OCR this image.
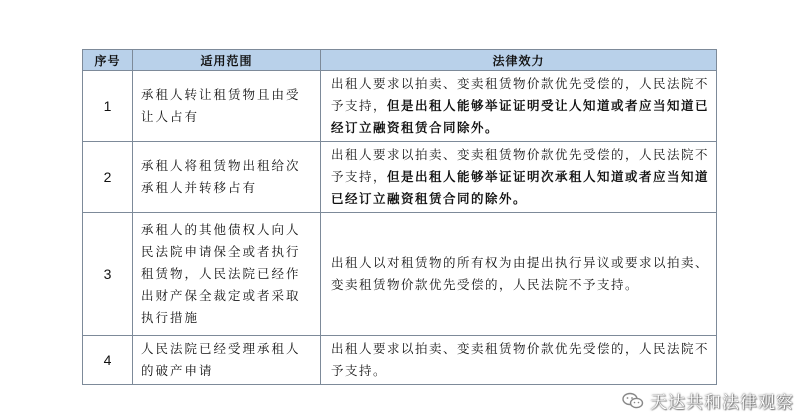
序号	适用范围	法律效力
1	承租人转让租赁物且由受让人占有	出租人要求以拍卖、变卖租赁物价款优先受偿的，人民法院不予支持，但是出租人能够举证证明受让人知道或者应当知道已经订立融资租赁合同除外。
2	承租人将租赁物出租给次承租人并转移占有	出租人要求以拍卖、变卖租赁物价款优先受偿的，人民法院不予支持，但是出租人能够举证证明次承租人知道或者应当知道已经订立融资租赁合同的除外。
3	承租人的其他债权人向人民法院申请保全或者执行租赁物，人民法院已经作出财产保全裁定或者采取执行措施	出租人以对租赁物的所有权为由提出执行异议或要求以拍卖、变卖租赁物价款优先受偿的，人民法院不予支持。
4	人民法院已经受理承租人的破产申请	出租人要求以拍卖、变卖租赁物价款优先受偿的，人民法院不予支持。
天达共和法律观察
